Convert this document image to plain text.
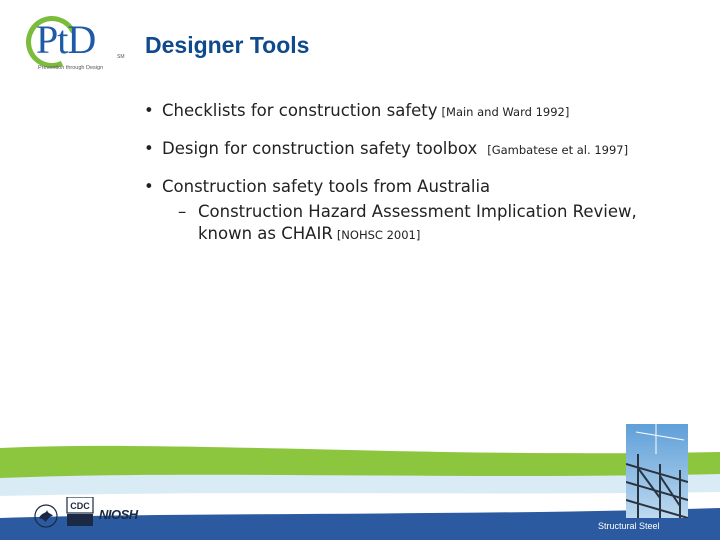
PtD	SM
Prevention through Design
Designer Tools
• Checklists for construction safety [Main and Ward 1992]
• Design for construction safety toolbox [Gambatese et al. 1997]
• Construction safety tools from Australia
– Construction Hazard Assessment Implication Review,
known as CHAIR [NOHSC 2001]
Structural Steel
CDC
NIOSH
